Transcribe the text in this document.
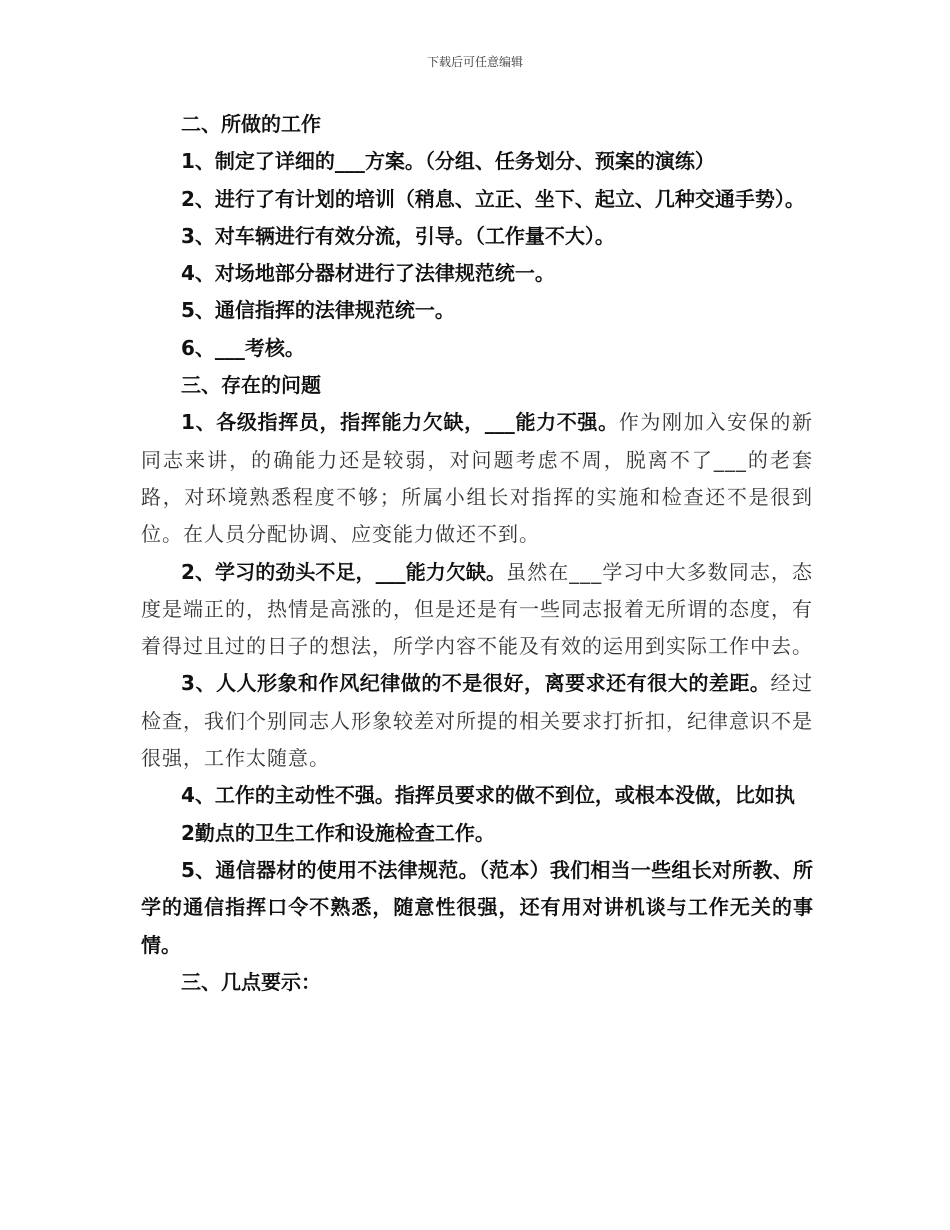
下载后可任意编辑

二、所做的工作

1、制定了详细的___方案。（分组、任务划分、预案的演练）

2、进行了有计划的培训（稍息、立正、坐下、起立、几种交通手势）。

3、对车辆进行有效分流，引导。（工作量不大）。

4、对场地部分器材进行了法律规范统一。

5、通信指挥的法律规范统一。

6、___考核。

三、存在的问题

1、各级指挥员，指挥能力欠缺，___能力不强。作为刚加入安保的新同志来讲，的确能力还是较弱，对问题考虑不周，脱离不了___的老套路，对环境熟悉程度不够；所属小组长对指挥的实施和检查还不是很到位。在人员分配协调、应变能力做还不到。

2、学习的劲头不足，___能力欠缺。虽然在___学习中大多数同志，态度是端正的，热情是高涨的，但是还是有一些同志报着无所谓的态度，有着得过且过的日子的想法，所学内容不能及有效的运用到实际工作中去。

3、人人形象和作风纪律做的不是很好，离要求还有很大的差距。经过检查，我们个别同志人形象较差对所提的相关要求打折扣，纪律意识不是很强，工作太随意。

4、工作的主动性不强。指挥员要求的做不到位，或根本没做，比如执

2勤点的卫生工作和设施检查工作。

5、通信器材的使用不法律规范。（范本）我们相当一些组长对所教、所学的通信指挥口令不熟悉，随意性很强，还有用对讲机谈与工作无关的事情。

三、几点要示：
